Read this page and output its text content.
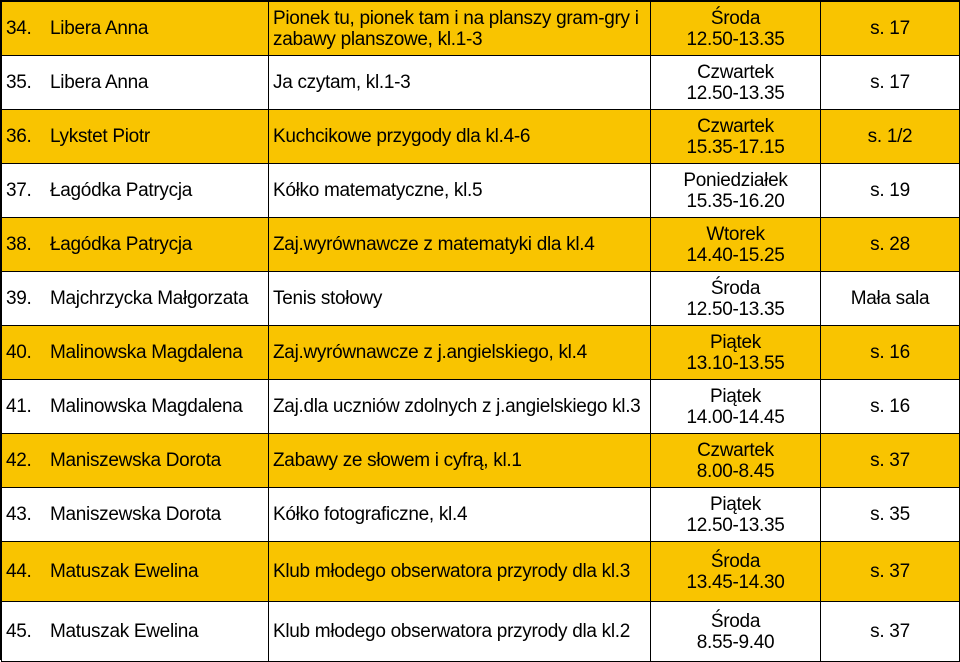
34. Libera Anna	Pionek tu, pionek tam i na planszy gram-gry i zabawy planszowe, kl.1-3	Środa
12.50-13.35	s. 17

35. Libera Anna	Ja czytam, kl.1-3	Czwartek
12.50-13.35	s. 17

36. Lykstet Piotr	Kuchcikowe przygody dla kl.4-6	Czwartek
15.35-17.15	s. 1/2

37. Łagódka Patrycja	Kółko matematyczne, kl.5	Poniedziałek
15.35-16.20	s. 19

38. Łagódka Patrycja	Zaj.wyrównawcze z matematyki dla kl.4	Wtorek
14.40-15.25	s. 28

39. Majchrzycka Małgorzata	Tenis stołowy	Środa
12.50-13.35	Mała sala

40. Malinowska Magdalena	Zaj.wyrównawcze z j.angielskiego, kl.4	Piątek
13.10-13.55	s. 16

41. Malinowska Magdalena	Zaj.dla uczniów zdolnych z j.angielskiego kl.3	Piątek
14.00-14.45	s. 16

42. Maniszewska Dorota	Zabawy ze słowem i cyfrą, kl.1	Czwartek
8.00-8.45	s. 37

43. Maniszewska Dorota	Kółko fotograficzne, kl.4	Piątek
12.50-13.35	s. 35

44. Matuszak Ewelina	Klub młodego obserwatora przyrody dla kl.3	Środa
13.45-14.30	s. 37

45. Matuszak Ewelina	Klub młodego obserwatora przyrody dla kl.2	Środa
8.55-9.40	s. 37
